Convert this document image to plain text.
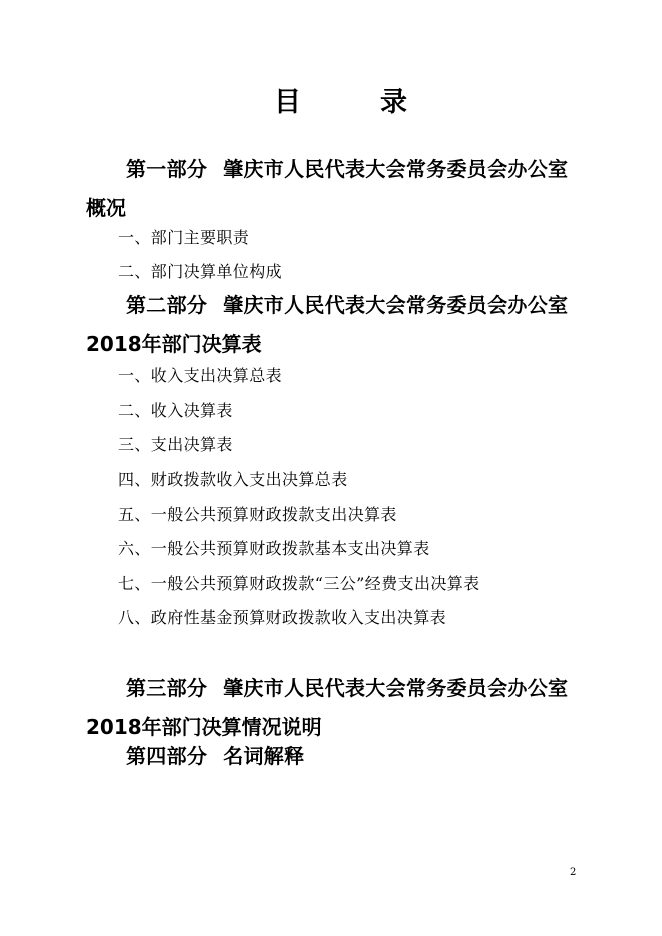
目	录
第一部分 肇庆市人民代表大会常务委员会办公室
概况
一、部门主要职责
二、部门决算单位构成
第二部分 肇庆市人民代表大会常务委员会办公室
2018年部门决算表
一、收入支出决算总表
二、收入决算表
三、支出决算表
四、财政拨款收入支出决算总表
五、一般公共预算财政拨款支出决算表
六、一般公共预算财政拨款基本支出决算表
七、一般公共预算财政拨款“三公”经费支出决算表
八、政府性基金预算财政拨款收入支出决算表
第三部分 肇庆市人民代表大会常务委员会办公室
2018年部门决算情况说明
第四部分 名词解释
2
